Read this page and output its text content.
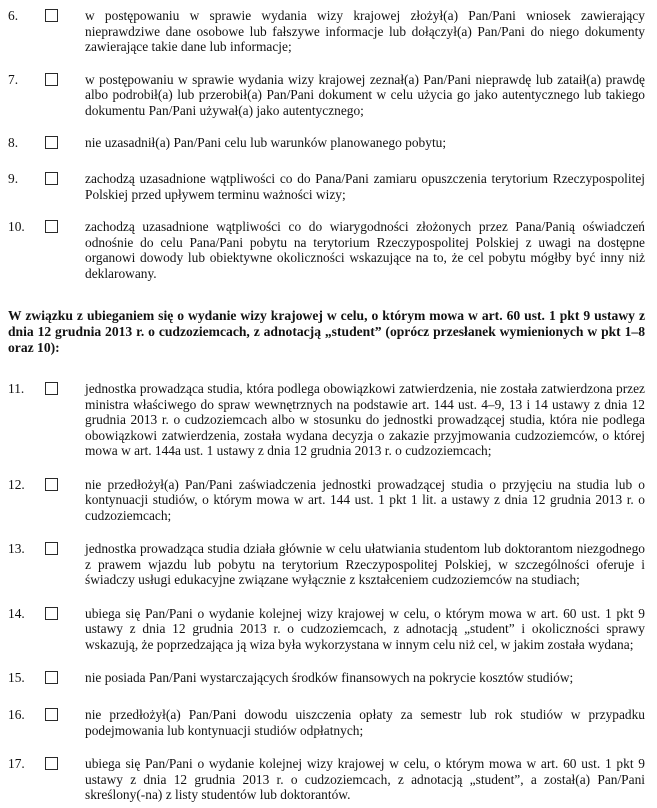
6.	w postępowaniu w sprawie wydania wizy krajowej złożył(a) Pan/Pani wniosek zawierający nieprawdziwe dane osobowe lub fałszywe informacje lub dołączył(a) Pan/Pani do niego dokumenty zawierające takie dane lub informacje;

7.	w postępowaniu w sprawie wydania wizy krajowej zeznał(a) Pan/Pani nieprawdę lub zataił(a) prawdę albo podrobił(a) lub przerobił(a) Pan/Pani dokument w celu użycia go jako autentycznego lub takiego dokumentu Pan/Pani używał(a) jako autentycznego;

8.	nie uzasadnił(a) Pan/Pani celu lub warunków planowanego pobytu;

9.	zachodzą uzasadnione wątpliwości co do Pana/Pani zamiaru opuszczenia terytorium Rzeczypospolitej Polskiej przed upływem terminu ważności wizy;

10.	zachodzą uzasadnione wątpliwości co do wiarygodności złożonych przez Pana/Panią oświadczeń odnośnie do celu Pana/Pani pobytu na terytorium Rzeczypospolitej Polskiej z uwagi na dostępne organowi dowody lub obiektywne okoliczności wskazujące na to, że cel pobytu mógłby być inny niż deklarowany.

W związku z ubieganiem się o wydanie wizy krajowej w celu, o którym mowa w art. 60 ust. 1 pkt 9 ustawy z dnia 12 grudnia 2013 r. o cudzoziemcach, z adnotacją „student” (oprócz przesłanek wymienionych w pkt 1–8 oraz 10):

11.	jednostka prowadząca studia, która podlega obowiązkowi zatwierdzenia, nie została zatwierdzona przez ministra właściwego do spraw wewnętrznych na podstawie art. 144 ust. 4–9, 13 i 14 ustawy z dnia 12 grudnia 2013 r. o cudzoziemcach albo w stosunku do jednostki prowadzącej studia, która nie podlega obowiązkowi zatwierdzenia, została wydana decyzja o zakazie przyjmowania cudzoziemców, o której mowa w art. 144a ust. 1 ustawy z dnia 12 grudnia 2013 r. o cudzoziemcach;

12.	nie przedłożył(a) Pan/Pani zaświadczenia jednostki prowadzącej studia o przyjęciu na studia lub o kontynuacji studiów, o którym mowa w art. 144 ust. 1 pkt 1 lit. a ustawy z dnia 12 grudnia 2013 r. o cudzoziemcach;

13.	jednostka prowadząca studia działa głównie w celu ułatwiania studentom lub doktorantom niezgodnego z prawem wjazdu lub pobytu na terytorium Rzeczypospolitej Polskiej, w szczególności oferuje i świadczy usługi edukacyjne związane wyłącznie z kształceniem cudzoziemców na studiach;

14.	ubiega się Pan/Pani o wydanie kolejnej wizy krajowej w celu, o którym mowa w art. 60 ust. 1 pkt 9 ustawy z dnia 12 grudnia 2013 r. o cudzoziemcach, z adnotacją „student” i okoliczności sprawy wskazują, że poprzedzająca ją wiza była wykorzystana w innym celu niż cel, w jakim została wydana;

15.	nie posiada Pan/Pani wystarczających środków finansowych na pokrycie kosztów studiów;

16.	nie przedłożył(a) Pan/Pani dowodu uiszczenia opłaty za semestr lub rok studiów w przypadku podejmowania lub kontynuacji studiów odpłatnych;

17.	ubiega się Pan/Pani o wydanie kolejnej wizy krajowej w celu, o którym mowa w art. 60 ust. 1 pkt 9 ustawy z dnia 12 grudnia 2013 r. o cudzoziemcach, z adnotacją „student”, a został(a) Pan/Pani skreślony(-na) z listy studentów lub doktorantów.
